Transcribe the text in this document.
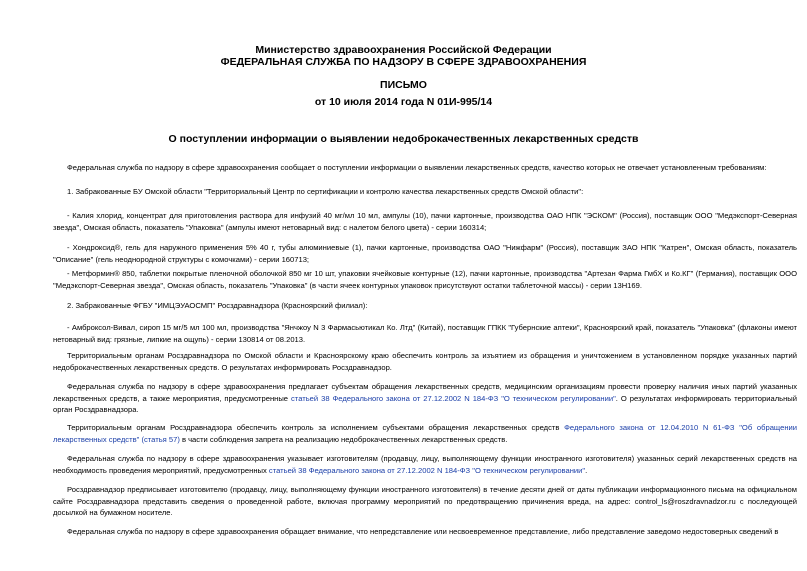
Министерство здравоохранения Российской Федерации
ФЕДЕРАЛЬНАЯ СЛУЖБА ПО НАДЗОРУ В СФЕРЕ ЗДРАВООХРАНЕНИЯ
ПИСЬМО
от 10 июля 2014 года N 01И-995/14
О поступлении информации о выявлении недоброкачественных лекарственных средств
Федеральная служба по надзору в сфере здравоохранения сообщает о поступлении информации о выявлении лекарственных средств, качество которых не отвечает установленным требованиям:
1. Забракованные БУ Омской области "Территориальный Центр по сертификации и контролю качества лекарственных средств Омской области":
- Калия хлорид, концентрат для приготовления раствора для инфузий 40 мг/мл 10 мл, ампулы (10), пачки картонные, производства ОАО НПК "ЭСКОМ" (Россия), поставщик ООО "Медэкспорт-Северная звезда", Омская область, показатель "Упаковка" (ампулы имеют нетоварный вид: с налетом белого цвета) - серии 160314;
- Хондроксид®, гель для наружного применения 5% 40 г, тубы алюминиевые (1), пачки картонные, производства ОАО "Нижфарм" (Россия), поставщик ЗАО НПК "Катрен", Омская область, показатель "Описание" (гель неоднородной структуры с комочками) - серии 160713;
- Метформин® 850, таблетки покрытые пленочной оболочкой 850 мг 10 шт, упаковки ячейковые контурные (12), пачки картонные, производства "Артезан Фарма ГмбХ и Ко.КГ" (Германия), поставщик ООО "Медэкспорт-Северная звезда", Омская область, показатель "Упаковка" (в части ячеек контурных упаковок присутствуют остатки таблеточной массы) - серии 13Н169.
2. Забракованные ФГБУ "ИМЦЭУАОСМП" Росздравнадзора (Красноярский филиал):
- Амброксол-Вивал, сироп 15 мг/5 мл 100 мл, производства "Янчжоу N 3 Фармасьютикал Ко. Лтд" (Китай), поставщик ГПКК "Губернские аптеки", Красноярский край, показатель "Упаковка" (флаконы имеют нетоварный вид: грязные, липкие на ощупь) - серии 130814 от 08.2013.
Территориальным органам Росздравнадзора по Омской области и Красноярскому краю обеспечить контроль за изъятием из обращения и уничтожением в установленном порядке указанных партий недоброкачественных лекарственных средств. О результатах информировать Росздравнадзор.
Федеральная служба по надзору в сфере здравоохранения предлагает субъектам обращения лекарственных средств, медицинским организациям провести проверку наличия иных партий указанных лекарственных средств, а также мероприятия, предусмотренные статьей 38 Федерального закона от 27.12.2002 N 184-ФЗ "О техническом регулировании". О результатах информировать территориальный орган Росздравнадзора.
Территориальным органам Росздравнадзора обеспечить контроль за исполнением субъектами обращения лекарственных средств Федерального закона от 12.04.2010 N 61-ФЗ "Об обращении лекарственных средств" (статья 57) в части соблюдения запрета на реализацию недоброкачественных лекарственных средств.
Федеральная служба по надзору в сфере здравоохранения указывает изготовителям (продавцу, лицу, выполняющему функции иностранного изготовителя) указанных серий лекарственных средств на необходимость проведения мероприятий, предусмотренных статьей 38 Федерального закона от 27.12.2002 N 184-ФЗ "О техническом регулировании".
Росздравнадзор предписывает изготовителю (продавцу, лицу, выполняющему функции иностранного изготовителя) в течение десяти дней от даты публикации информационного письма на официальном сайте Росздравнадзора представить сведения о проведенной работе, включая программу мероприятий по предотвращению причинения вреда, на адрес: control_ls@roszdravnadzor.ru с последующей досылкой на бумажном носителе.
Федеральная служба по надзору в сфере здравоохранения обращает внимание, что непредставление или несвоевременное представление, либо представление заведомо недостоверных сведений в
